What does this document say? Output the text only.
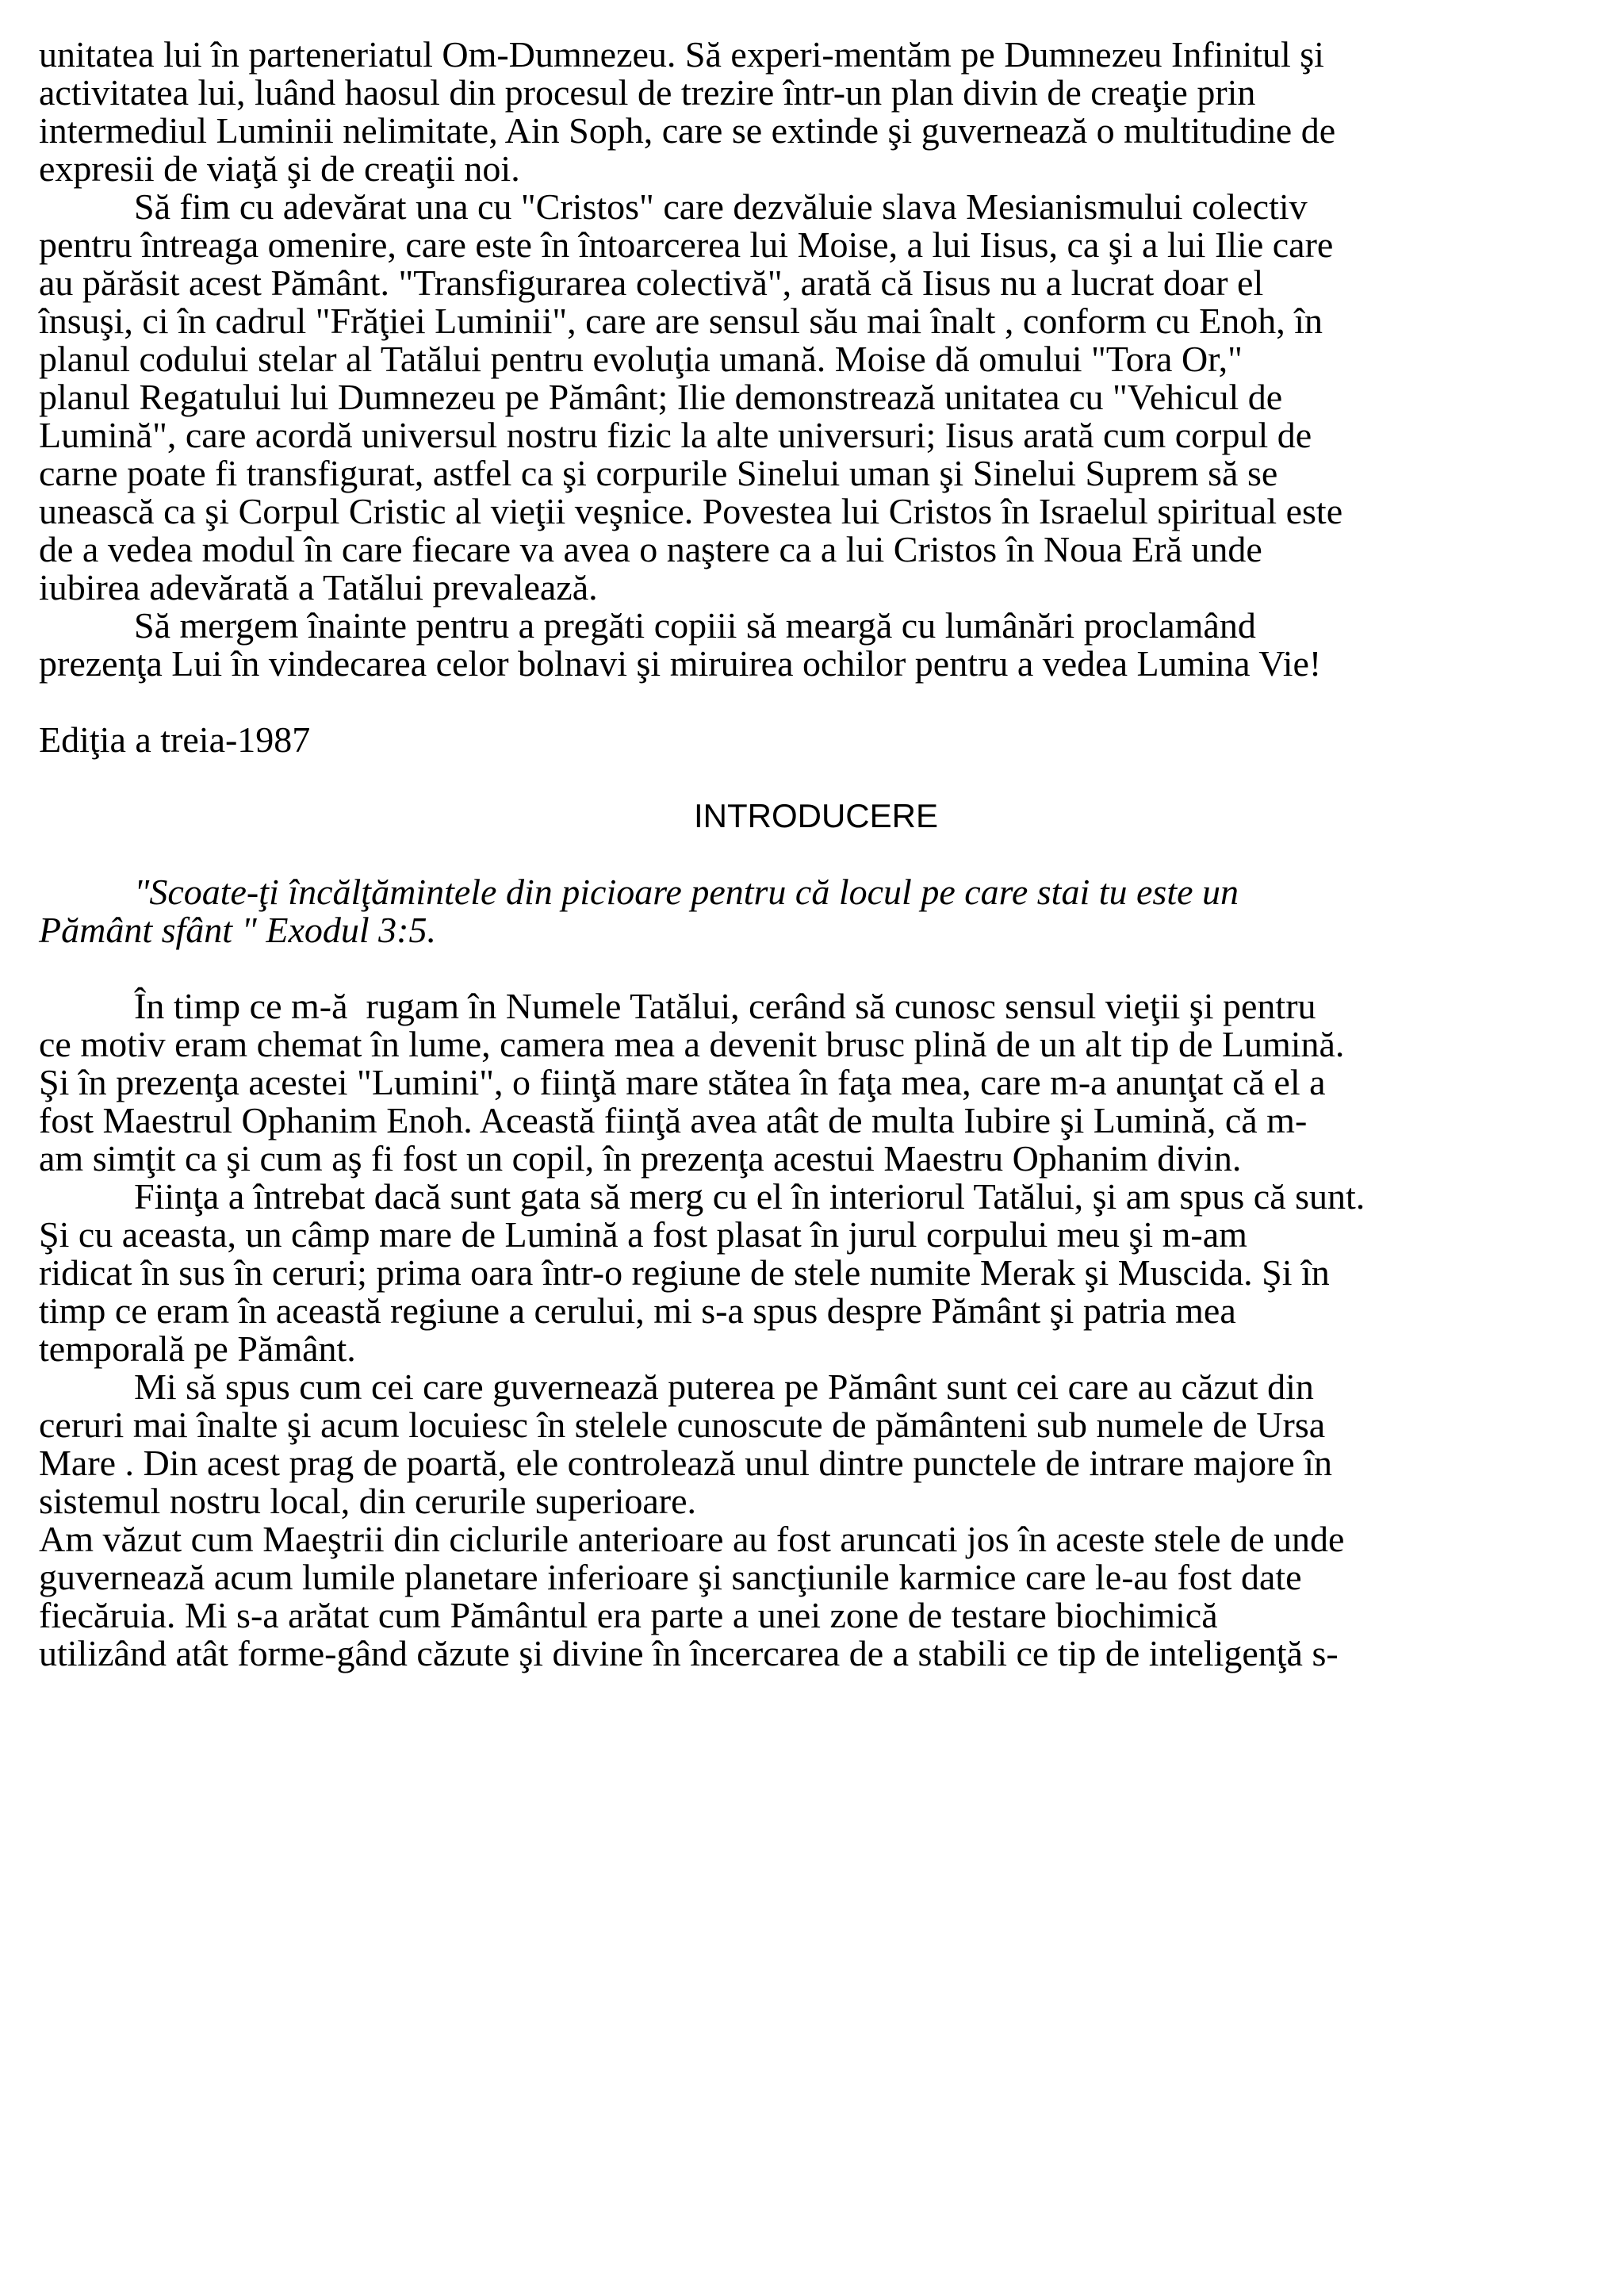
unitatea lui în parteneriatul Om-Dumnezeu. Să experi-mentăm pe Dumnezeu Infinitul şi
activitatea lui, luând haosul din procesul de trezire într-un plan divin de creaţie prin
intermediul Luminii nelimitate, Ain Soph, care se extinde şi guvernează o multitudine de
expresii de viaţă şi de creaţii noi.
Să fim cu adevărat una cu "Cristos" care dezvăluie slava Mesianismului colectiv
pentru întreaga omenire, care este în întoarcerea lui Moise, a lui Iisus, ca şi a lui Ilie care
au părăsit acest Pământ. "Transfigurarea colectivă", arată că Iisus nu a lucrat doar el
însuşi, ci în cadrul "Frăţiei Luminii", care are sensul său mai înalt , conform cu Enoh, în
planul codului stelar al Tatălui pentru evoluţia umană. Moise dă omului "Tora Or,"
planul Regatului lui Dumnezeu pe Pământ; Ilie demonstrează unitatea cu "Vehicul de
Lumină", care acordă universul nostru fizic la alte universuri; Iisus arată cum corpul de
carne poate fi transfigurat, astfel ca şi corpurile Sinelui uman şi Sinelui Suprem să se
unească ca şi Corpul Cristic al vieţii veşnice. Povestea lui Cristos în Israelul spiritual este
de a vedea modul în care fiecare va avea o naştere ca a lui Cristos în Noua Eră unde
iubirea adevărată a Tatălui prevalează.
Să mergem înainte pentru a pregăti copiii să meargă cu lumânări proclamând
prezenţa Lui în vindecarea celor bolnavi şi miruirea ochilor pentru a vedea Lumina Vie!
Ediţia a treia-1987
INTRODUCERE
"Scoate-ţi încălţămintele din picioare pentru că locul pe care stai tu este un
Pământ sfânt " Exodul 3:5.
În timp ce m-ă  rugam în Numele Tatălui, cerând să cunosc sensul vieţii şi pentru
ce motiv eram chemat în lume, camera mea a devenit brusc plină de un alt tip de Lumină.
Şi în prezenţa acestei "Lumini", o fiinţă mare stătea în faţa mea, care m-a anunţat că el a
fost Maestrul Ophanim Enoh. Această fiinţă avea atât de multa Iubire şi Lumină, că m-
am simţit ca şi cum aş fi fost un copil, în prezenţa acestui Maestru Ophanim divin.
Fiinţa a întrebat dacă sunt gata să merg cu el în interiorul Tatălui, şi am spus că sunt.
Şi cu aceasta, un câmp mare de Lumină a fost plasat în jurul corpului meu şi m-am
ridicat în sus în ceruri; prima oara într-o regiune de stele numite Merak şi Muscida. Şi în
timp ce eram în această regiune a cerului, mi s-a spus despre Pământ şi patria mea
temporală pe Pământ.
Mi să spus cum cei care guvernează puterea pe Pământ sunt cei care au căzut din
ceruri mai înalte şi acum locuiesc în stelele cunoscute de pământeni sub numele de Ursa
Mare . Din acest prag de poartă, ele controlează unul dintre punctele de intrare majore în
sistemul nostru local, din cerurile superioare.
Am văzut cum Maeştrii din ciclurile anterioare au fost aruncati jos în aceste stele de unde
guvernează acum lumile planetare inferioare şi sancţiunile karmice care le-au fost date
fiecăruia. Mi s-a arătat cum Pământul era parte a unei zone de testare biochimică
utilizând atât forme-gând căzute şi divine în încercarea de a stabili ce tip de inteligenţă s-
